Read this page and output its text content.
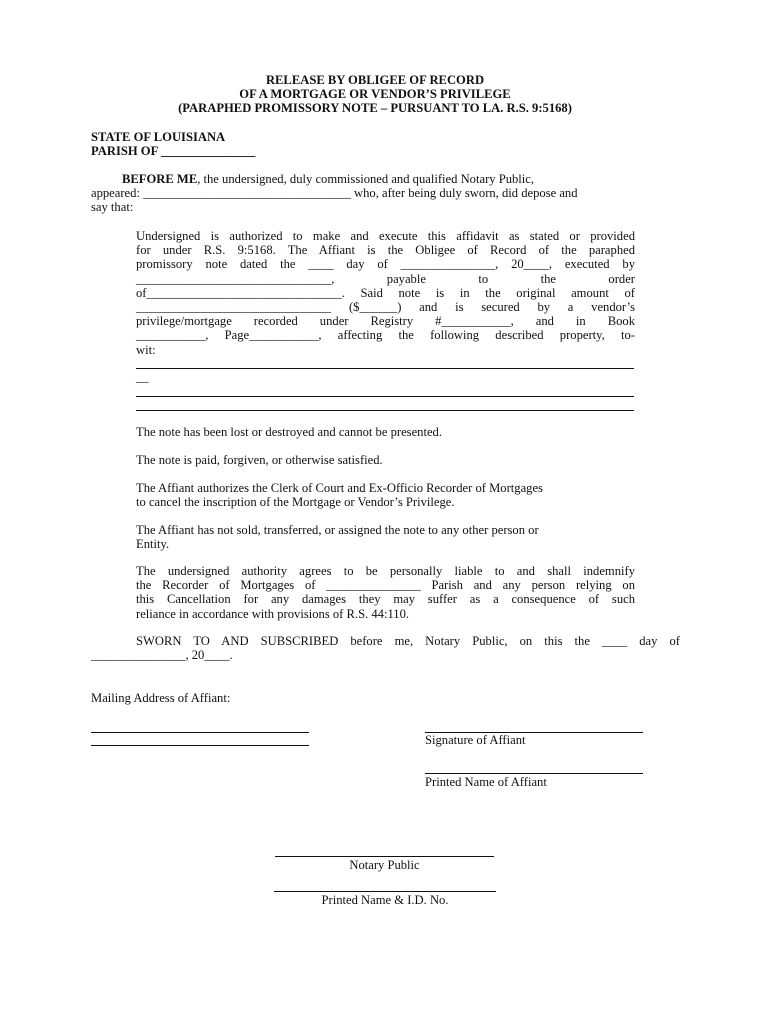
RELEASE BY OBLIGEE OF RECORD
OF A MORTGAGE OR VENDOR’S PRIVILEGE
(PARAPHED PROMISSORY NOTE – PURSUANT TO LA. R.S. 9:5168)
STATE OF LOUISIANA
PARISH OF _______________
BEFORE ME, the undersigned, duly commissioned and qualified Notary Public,
appeared: _________________________________ who, after being duly sworn, did depose and
say that:
Undersigned is authorized to make and execute this affidavit as stated or provided
for under R.S. 9:5168. The Affiant is the Obligee of Record of the paraphed
promissory note dated the ____ day of _______________, 20____, executed by
_______________________________, payable to the order
of_______________________________. Said note is in the original amount of
_______________________________ ($______) and is secured by a vendor’s
privilege/mortgage recorded under Registry #___________, and in Book
___________, Page___________, affecting the following described property, to-
wit:
__
The note has been lost or destroyed and cannot be presented.
The note is paid, forgiven, or otherwise satisfied.
The Affiant authorizes the Clerk of Court and Ex-Officio Recorder of Mortgages
to cancel the inscription of the Mortgage or Vendor’s Privilege.
The Affiant has not sold, transferred, or assigned the note to any other person or
Entity.
The undersigned authority agrees to be personally liable to and shall indemnify
the Recorder of Mortgages of _______________ Parish and any person relying on
this Cancellation for any damages they may suffer as a consequence of such
reliance in accordance with provisions of R.S. 44:110.
SWORN TO AND SUBSCRIBED before me, Notary Public, on this the ____ day of
_______________, 20____.
Mailing Address of Affiant:
Signature of Affiant
Printed Name of Affiant
Notary Public
Printed Name & I.D. No.
